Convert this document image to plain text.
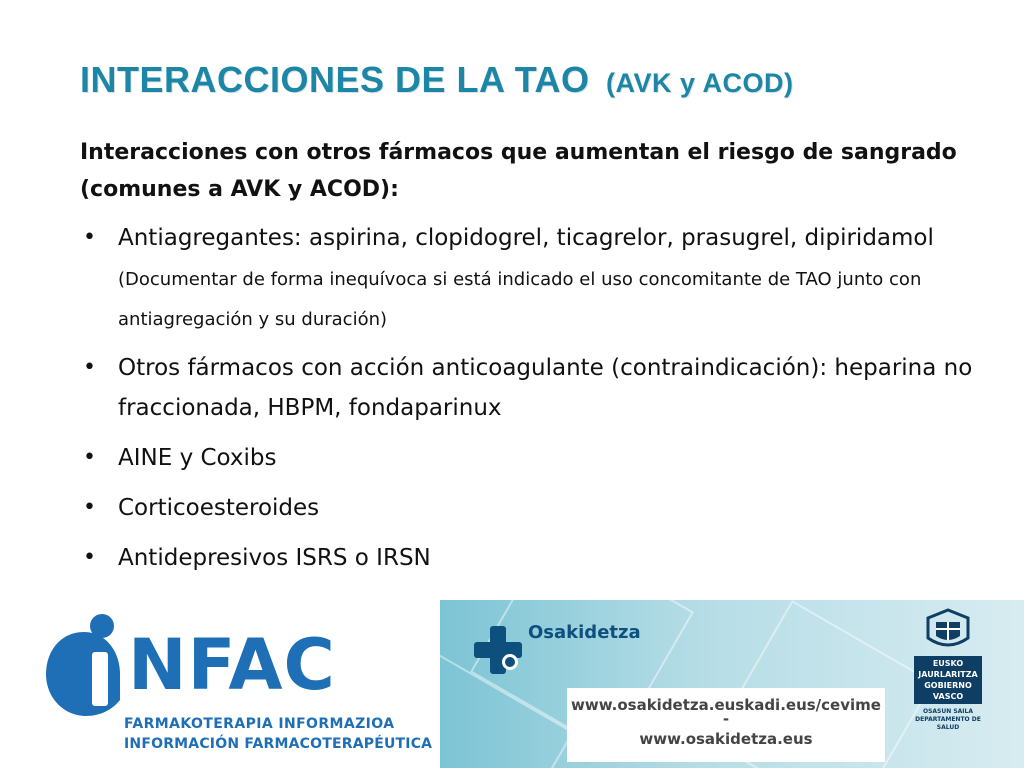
INTERACCIONES DE LA TAO (AVK y ACOD)

Interacciones con otros fármacos que aumentan el riesgo de sangrado (comunes a AVK y ACOD):

• Antiagregantes: aspirina, clopidogrel, ticagrelor, prasugrel, dipiridamol (Documentar de forma inequívoca si está indicado el uso concomitante de TAO junto con antiagregación y su duración)
• Otros fármacos con acción anticoagulante (contraindicación): heparina no fraccionada, HBPM, fondaparinux
• AINE y Coxibs
• Corticoesteroides
• Antidepresivos ISRS o IRSN
NFAC
FARMAKOTERAPIA INFORMAZIOA
INFORMACIÓN FARMACOTERAPÉUTICA
Osakidetza
www.osakidetza.euskadi.eus/cevime
-
www.osakidetza.eus
EUSKO JAURLARITZA
GOBIERNO VASCO
OSASUN SAILA
DEPARTAMENTO DE SALUD
